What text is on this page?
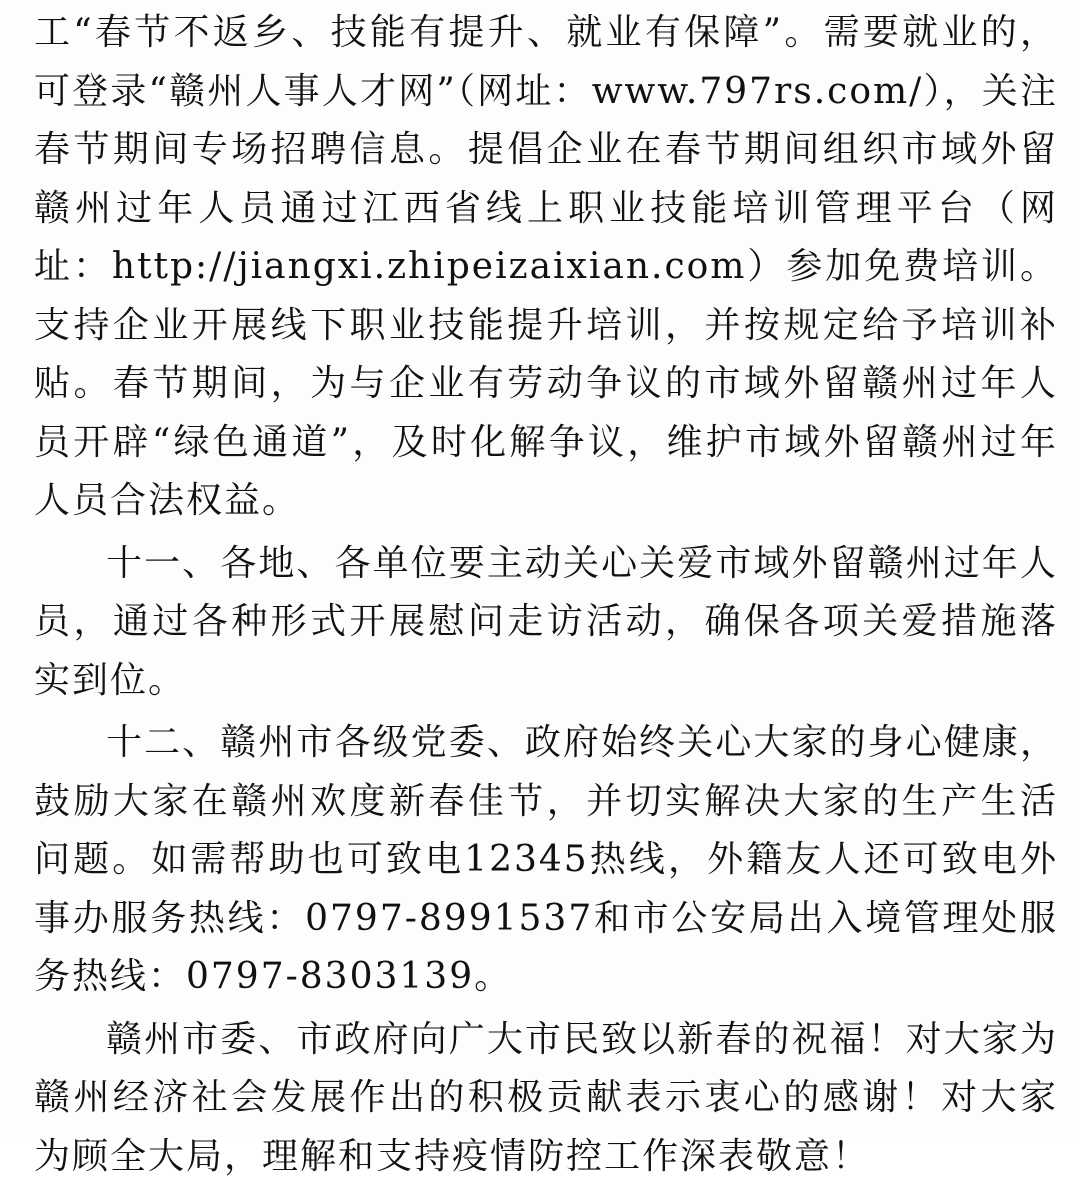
工“春节不返乡、技能有提升、就业有保障”。需要就业的，可登录“赣州人事人才网”（网址：www.797rs.com/），关注春节期间专场招聘信息。提倡企业在春节期间组织市域外留赣州过年人员通过江西省线上职业技能培训管理平台（网址：http://jiangxi.zhipeizaixian.com）参加免费培训。支持企业开展线下职业技能提升培训，并按规定给予培训补贴。春节期间，为与企业有劳动争议的市域外留赣州过年人员开辟“绿色通道”，及时化解争议，维护市域外留赣州过年人员合法权益。

十一、各地、各单位要主动关心关爱市域外留赣州过年人员，通过各种形式开展慰问走访活动，确保各项关爱措施落实到位。

十二、赣州市各级党委、政府始终关心大家的身心健康，鼓励大家在赣州欢度新春佳节，并切实解决大家的生产生活问题。如需帮助也可致电12345热线，外籍友人还可致电外事办服务热线：0797-8991537和市公安局出入境管理处服务热线：0797-8303139。

赣州市委、市政府向广大市民致以新春的祝福！对大家为赣州经济社会发展作出的积极贡献表示衷心的感谢！对大家为顾全大局，理解和支持疫情防控工作深表敬意！
